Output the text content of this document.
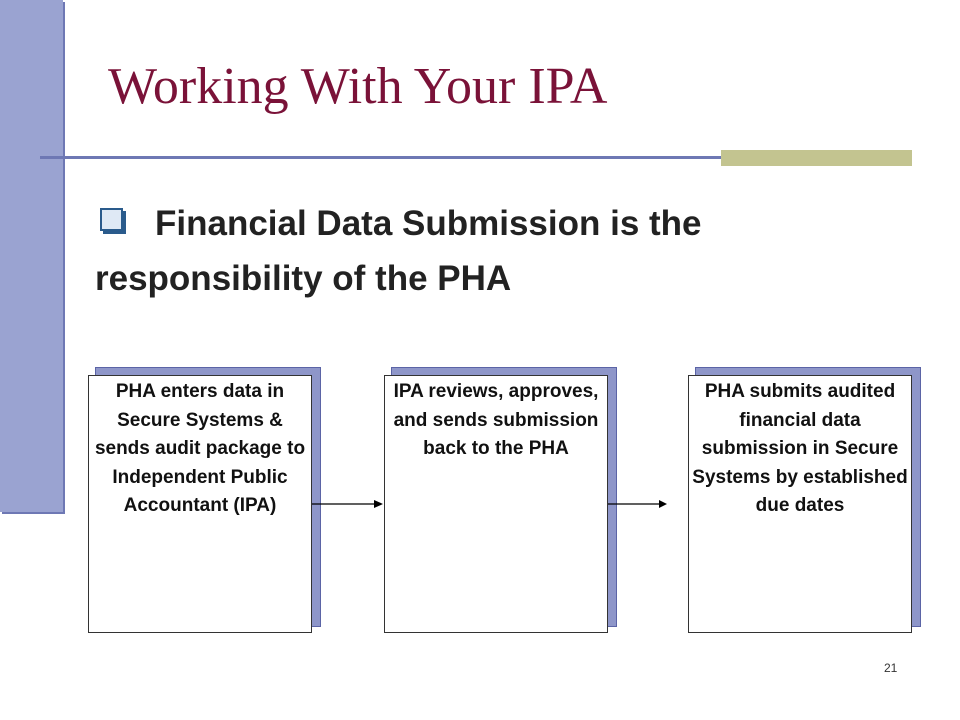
Working With Your IPA
Financial Data Submission is the responsibility of the PHA
PHA enters data in Secure Systems & sends audit package to Independent Public Accountant (IPA)
IPA reviews, approves, and sends submission back to the PHA
PHA submits audited financial data submission in Secure Systems by established due dates
21
